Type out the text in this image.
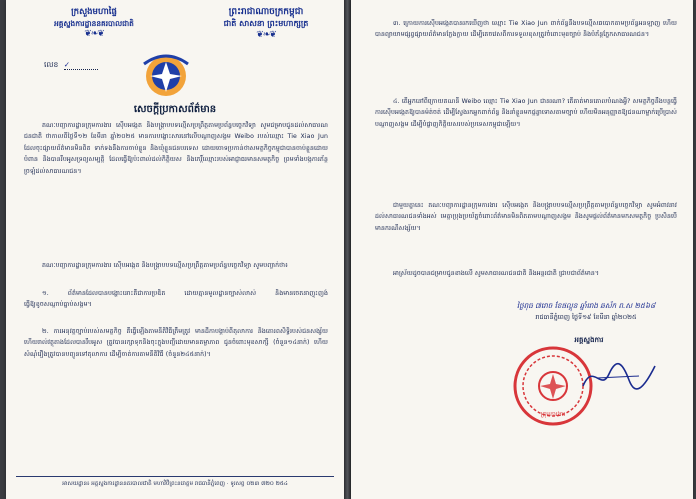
ក្រសួងមហាផ្ទៃ
អគ្គស្នងការដ្ឋាននគរបាលជាតិ
❦❧❦
ព្រះរាជាណាចក្រកម្ពុជា
ជាតិ សាសនា ព្រះមហាក្សត្រ
❦❧❦
លេខ ✓
សេចក្តីប្រកាសព័ត៌មាន
គណៈបញ្ជាការដ្ឋានក្រុមការងារ ស៊ើបអង្កេត និងបង្ក្រាបបទល្មើសប្រព្រឹត្តតាមប្រព័ន្ធបច្ចេកវិទ្យា សូមជម្រាបជូនដល់សាធារណជនជាតិ ថាកាលពីថ្ងៃទី១២ ខែមីនា ឆ្នាំ២០២៥ មានការបង្ហោះសារនៅលើបណ្តាញសង្គម Weibo របស់ឈ្មោះ Tie Xiao Jun ដែលចុះផ្សាយព័ត៌មានមិនពិត ទាក់ទងនឹងការចាប់ខ្លួន និងឃុំខ្លួនជនបរទេស ដោយចោទប្រកាន់ថាសមត្ថកិច្ចកម្ពុជាបានចាប់ខ្លួនដោយបំពាន និងបានរឹបអូសទ្រព្យសម្បត្តិ ដែលធ្វើឱ្យប៉ះពាល់ដល់កិត្តិយស និងកេរ្តិ៍ឈ្មោះរបស់អាជ្ញាធរមានសមត្ថកិច្ច ព្រមទាំងបង្កការភ័ន្តច្រឡំដល់សាធារណជន។
គណៈបញ្ជាការដ្ឋានក្រុមការងារ ស៊ើបអង្កេត និងបង្ក្រាបបទល្មើសប្រព្រឹត្តតាមប្រព័ន្ធបច្ចេកវិទ្យា សូមបញ្ជាក់ថា៖
១. ព័ត៌មានដែលបានបង្ហោះនោះគឺជាការប្រឌិត ដោយគ្មានមូលដ្ឋានច្បាស់លាស់ និងមានចេតនាញុះញង់ ធ្វើឱ្យខូចសណ្តាប់ធ្នាប់សង្គម។
២. ការអនុវត្តច្បាប់របស់សមត្ថកិច្ច គឺធ្វើឡើងតាមនីតិវិធីត្រឹមត្រូវ មានដីកាបង្គាប់ពីតុលាការ និងគោរពសិទ្ធិរបស់ជនសង្ស័យ ហើយរាល់វត្ថុតាងដែលបានរឹបអូស ត្រូវបានរក្សាទុកនិងចុះក្នុងបញ្ជីដោយមានតម្លាភាព ជូនចំពោះមុខសាក្សី (ចំនួន១៤នាក់) ហើយសំណុំរឿងត្រូវបានបញ្ជូនទៅតុលាការ ដើម្បីចាត់ការតាមនីតិវិធី (ចំនួន២៤៥នាក់)។
អាសយដ្ឋាន៖ អគ្គស្នងការដ្ឋាននគរបាលជាតិ មហាវិថីព្រះនរោត្តម រាជធានីភ្នំពេញ · ទូរសព្ទ ០២៣ ៧២០ ២៥៤
៣. ក្រោយការស៊ើបអង្កេតបានរកឃើញថា ឈ្មោះ Tie Xiao Jun ពាក់ព័ន្ធនឹងបទល្មើសឆបោកតាមប្រព័ន្ធអនឡាញ ហើយបានព្យាយាមផ្សព្វផ្សាយព័ត៌មានក្លែងក្លាយ ដើម្បីគេចវេសពីការទទួលខុសត្រូវចំពោះមុខច្បាប់ និងបំភ័ន្តភ្នែកសាធារណជន។
៤. តើអ្នកនៅពីក្រោយគណនី Weibo ឈ្មោះ Tie Xiao Jun ជានរណា? តើគាត់មានគោលបំណងអ្វី? សមត្ថកិច្ចនឹងបន្តធ្វើការស៊ើបអង្កេតឱ្យបានម៉ត់ចត់ ដើម្បីស្វែងរកអ្នកពាក់ព័ន្ធ និងនាំខ្លួនមកផ្តន្ទាទោសតាមច្បាប់ ហើយមិនអនុញ្ញាតឱ្យជនណាម្នាក់ប្រើប្រាស់បណ្តាញសង្គម ដើម្បីបំផ្លាញកិត្តិយសរបស់ប្រទេសកម្ពុជាឡើយ។
ជាមួយគ្នានេះ គណៈបញ្ជាការដ្ឋានក្រុមការងារ ស៊ើបអង្កេត និងបង្ក្រាបបទល្មើសប្រព្រឹត្តតាមប្រព័ន្ធបច្ចេកវិទ្យា សូមអំពាវនាវដល់សាធារណជនទាំងអស់ មេត្តាប្រុងប្រយ័ត្នចំពោះព័ត៌មានមិនពិតតាមបណ្តាញសង្គម និងសូមផ្តល់ព័ត៌មានមកសមត្ថកិច្ច ប្រសិនបើមានករណីសង្ស័យ។
អាស្រ័យដូចបានជម្រាបជូនខាងលើ សូមសាធារណជនជាតិ និងអន្តរជាតិ ជ្រាបជាព័ត៌មាន។
ថ្ងៃពុធ ៧រោច ខែផល្គុន ឆ្នាំរោង ឆស័ក ព.ស ២៥៦៨
រាជធានីភ្នំពេញ ថ្ងៃទី១៩ ខែមីនា ឆ្នាំ២០២៥
អគ្គស្នងការ
ក្រុមការងារ
